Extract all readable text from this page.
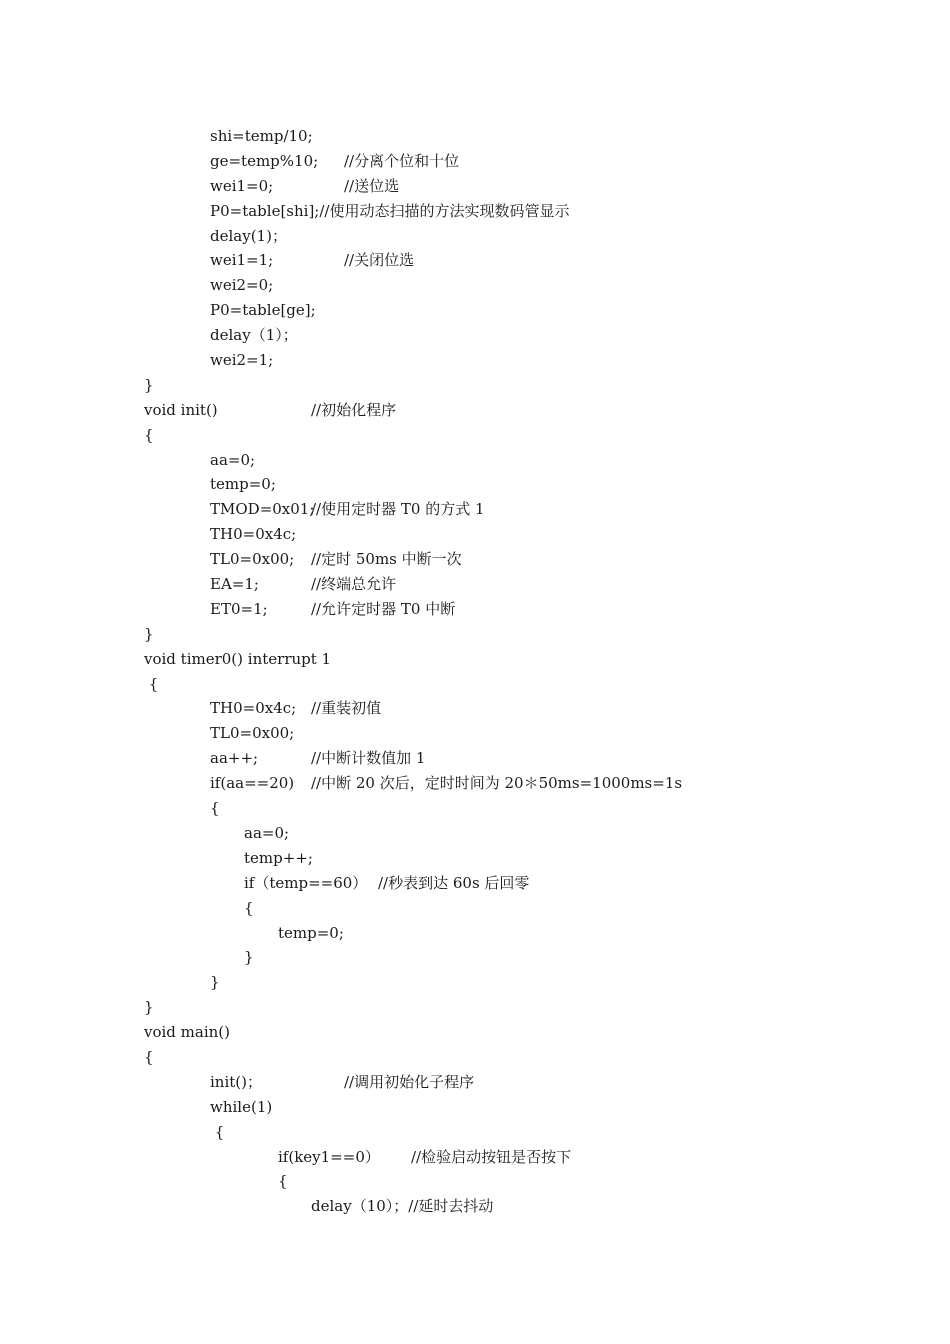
shi=temp/10;
ge=temp%10; //分离个位和十位
wei1=0;	//送位选
P0=table[shi];//使用动态扫描的方法实现数码管显示
delay(1)；
wei1=1;	//关闭位选
wei2=0;
P0=table[ge];
delay（1）；
wei2=1;
}
void init()	//初始化程序
{
aa=0;
temp=0;
TMOD=0x01;
//使用定时器 T0 的方式 1
TH0=0x4c;
TL0=0x00; //定时 50ms 中断一次
EA=1;	//终端总允许
ET0=1;	//允许定时器 T0 中断
}
void timer0() interrupt 1
{
TH0=0x4c; //重装初值
TL0=0x00;
aa++;	//中断计数值加 1
if(aa==20) //中断 20 次后，定时时间为 20＊50ms=1000ms=1s
{
aa=0;
temp++;
if（temp==60） //秒表到达 60s 后回零
{
temp=0;
}
}
}
void main()
{
init()；	//调用初始化子程序
while(1)
{
if(key1==0） //检验启动按钮是否按下
{
delay（10）；//延时去抖动
